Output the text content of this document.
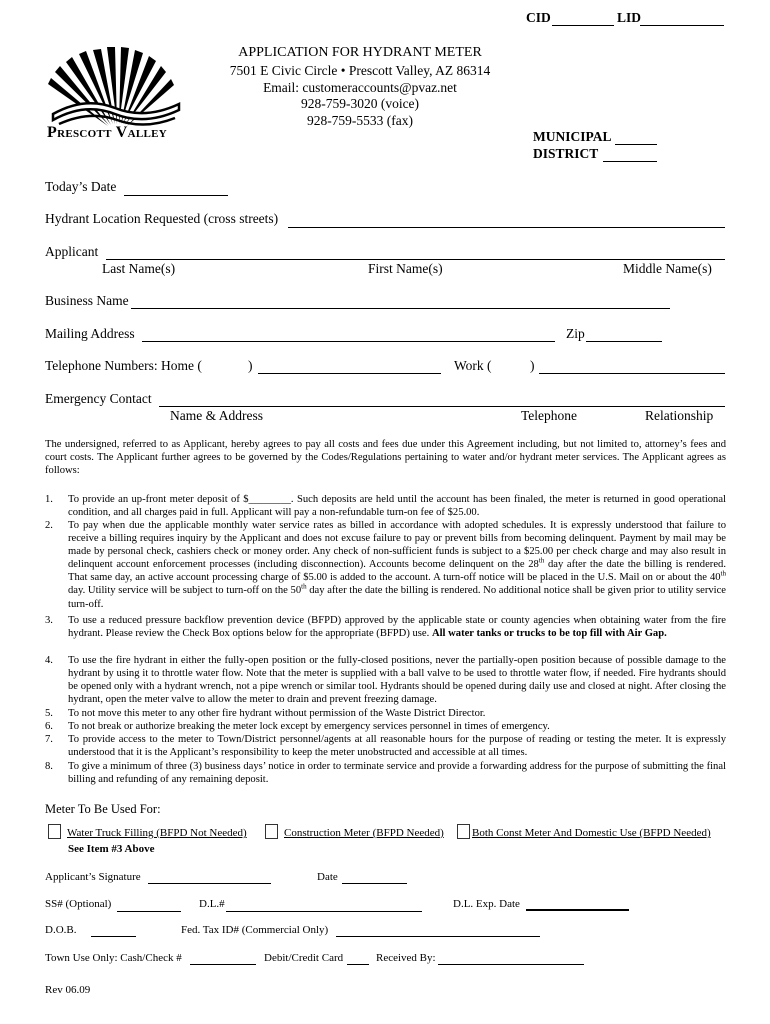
CID	LID
Prescott Valley
APPLICATION FOR HYDRANT METER
7501 E Civic Circle • Prescott Valley, AZ 86314
Email: customeraccounts@pvaz.net
928-759-3020 (voice)
928-759-5533 (fax)
MUNICIPAL
DISTRICT
Today’s Date
Hydrant Location Requested (cross streets)
Applicant
Last Name(s)	First Name(s)	Middle Name(s)
Business Name
Mailing Address	Zip
Telephone Numbers: Home (	)	Work (	)
Emergency Contact
Name & Address	Telephone	Relationship
The undersigned, referred to as Applicant, hereby agrees to pay all costs and fees due under this Agreement including, but not limited to, attorney’s fees and court costs. The Applicant further agrees to be governed by the Codes/Regulations pertaining to water and/or hydrant meter services. The Applicant agrees as follows:
1. To provide an up-front meter deposit of $________. Such deposits are held until the account has been finaled, the meter is returned in good operational condition, and all charges paid in full. Applicant will pay a non-refundable turn-on fee of $25.00.
2. To pay when due the applicable monthly water service rates as billed in accordance with adopted schedules. It is expressly understood that failure to receive a billing requires inquiry by the Applicant and does not excuse failure to pay or prevent bills from becoming delinquent. Payment by mail may be made by personal check, cashiers check or money order. Any check of non-sufficient funds is subject to a $25.00 per check charge and may also result in delinquent account enforcement processes (including disconnection). Accounts become delinquent on the 28th day after the date the billing is rendered. That same day, an active account processing charge of $5.00 is added to the account. A turn-off notice will be placed in the U.S. Mail on or about the 40th day. Utility service will be subject to turn-off on the 50th day after the date the billing is rendered. No additional notice shall be given prior to utility service turn-off.
3. To use a reduced pressure backflow prevention device (BFPD) approved by the applicable state or county agencies when obtaining water from the fire hydrant. Please review the Check Box options below for the appropriate (BFPD) use. All water tanks or trucks to be top fill with Air Gap.
4. To use the fire hydrant in either the fully-open position or the fully-closed positions, never the partially-open position because of possible damage to the hydrant by using it to throttle water flow. Note that the meter is supplied with a ball valve to be used to throttle water flow, if needed. Fire hydrants should be opened only with a hydrant wrench, not a pipe wrench or similar tool. Hydrants should be opened during daily use and closed at night. After closing the hydrant, open the meter valve to allow the meter to drain and prevent freezing damage.
5. To not move this meter to any other fire hydrant without permission of the Waste District Director.
6. To not break or authorize breaking the meter lock except by emergency services personnel in times of emergency.
7. To provide access to the meter to Town/District personnel/agents at all reasonable hours for the purpose of reading or testing the meter. It is expressly understood that it is the Applicant’s responsibility to keep the meter unobstructed and accessible at all times.
8. To give a minimum of three (3) business days’ notice in order to terminate service and provide a forwarding address for the purpose of submitting the final billing and refunding of any remaining deposit.
Meter To Be Used For:
Water Truck Filling (BFPD Not Needed)	Construction Meter (BFPD Needed)	Both Const Meter And Domestic Use (BFPD Needed)
See Item #3 Above
Applicant’s Signature	Date
SS# (Optional)	D.L.#	D.L. Exp. Date
D.O.B.	Fed. Tax ID# (Commercial Only)
Town Use Only: Cash/Check #	Debit/Credit Card	Received By:
Rev 06.09
